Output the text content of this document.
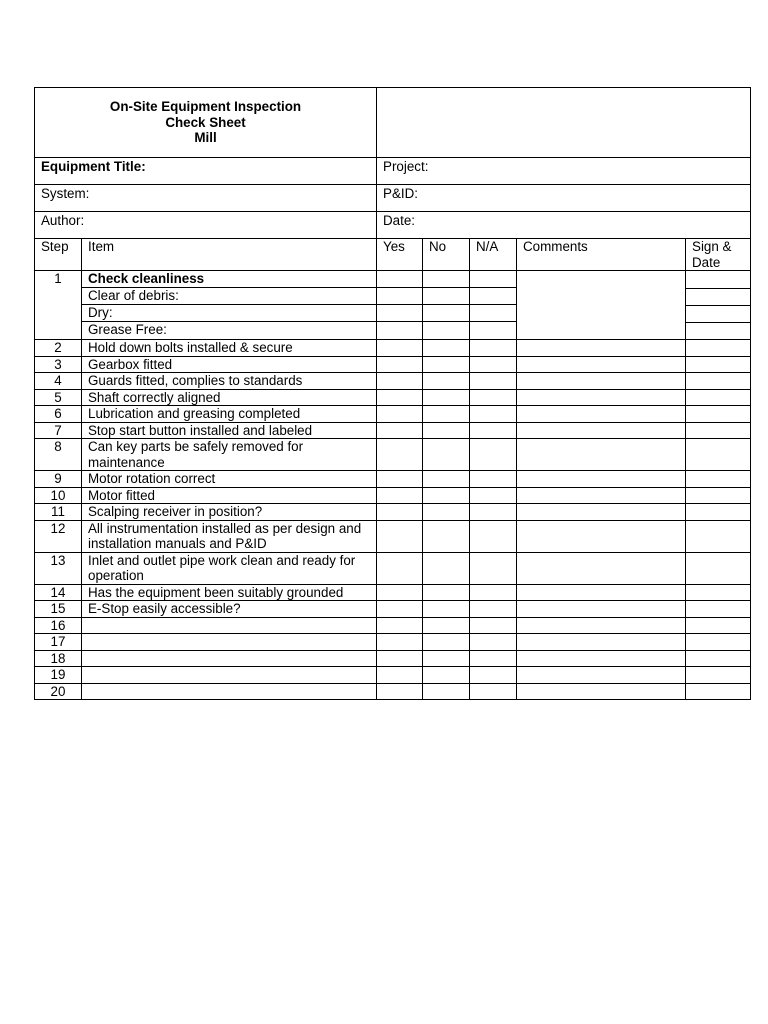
On-Site Equipment Inspection
Check Sheet
Mill

Equipment Title:	Project:
System:	P&ID:
Author:	Date:
Step	Item	Yes	No	N/A	Comments	Sign & Date
1	Check cleanliness					

Clear of debris:			
Dry:			
Grease Free:			
2	Hold down bolts installed & secure					
3	Gearbox fitted					
4	Guards fitted, complies to standards					
5	Shaft correctly aligned					
6	Lubrication and greasing completed					
7	Stop start button installed and labeled					
8	Can key parts be safely removed for maintenance					
9	Motor rotation correct					
10	Motor fitted					
11	Scalping receiver in position?					
12	All instrumentation installed as per design and installation manuals and P&ID					
13	Inlet and outlet pipe work clean and ready for operation					
14	Has the equipment been suitably grounded					
15	E-Stop easily accessible?					
16						
17						
18						
19						
20						
